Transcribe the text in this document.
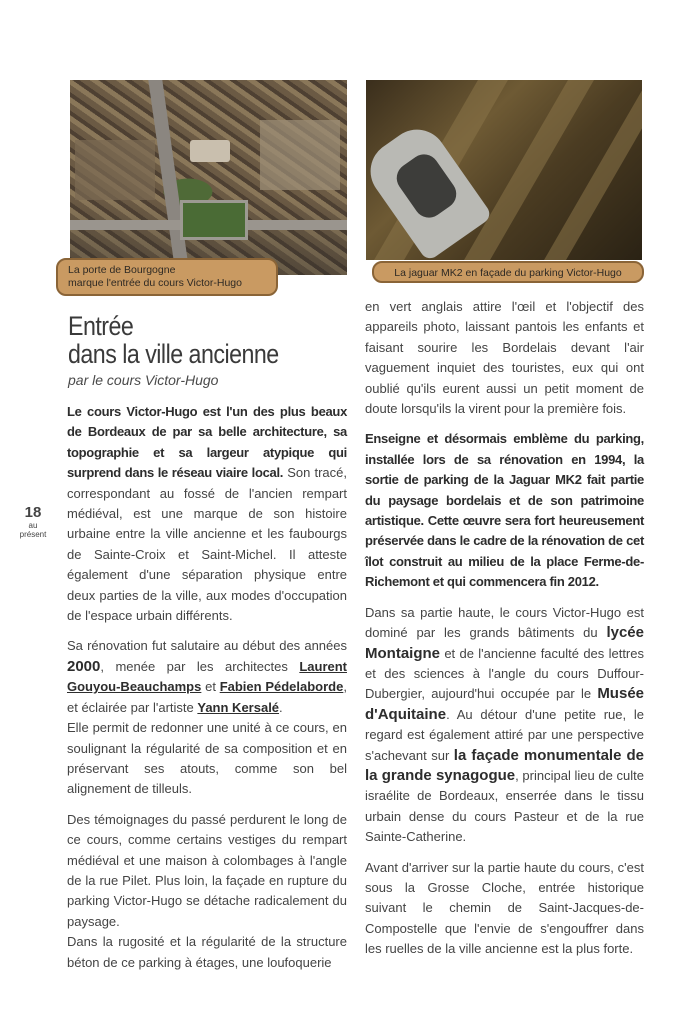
La porte de Bourgogne
marque l'entrée du cours Victor-Hugo
La jaguar MK2 en façade du parking Victor-Hugo
Entrée
dans la ville ancienne
par le cours Victor-Hugo
18
au
présent

Le cours Victor-Hugo est l'un des plus beaux de Bordeaux de par sa belle architecture, sa topographie et sa largeur atypique qui surprend dans le réseau viaire local. Son tracé, correspondant au fossé de l'ancien rempart médiéval, est une marque de son histoire urbaine entre la ville ancienne et les faubourgs de Sainte-Croix et Saint-Michel. Il atteste également d'une séparation physique entre deux parties de la ville, aux modes d'occupation de l'espace urbain différents.

Sa rénovation fut salutaire au début des années 2000, menée par les architectes Laurent Gouyou-Beauchamps et Fabien Pédelaborde, et éclairée par l'artiste Yann Kersalé.

Elle permit de redonner une unité à ce cours, en soulignant la régularité de sa composition et en préservant ses atouts, comme son bel alignement de tilleuls.

Des témoignages du passé perdurent le long de ce cours, comme certains vestiges du rempart médiéval et une maison à colombages à l'angle de la rue Pilet. Plus loin, la façade en rupture du parking Victor-Hugo se détache radicalement du paysage.

Dans la rugosité et la régularité de la structure béton de ce parking à étages, une loufoquerie

en vert anglais attire l'œil et l'objectif des appareils photo, laissant pantois les enfants et faisant sourire les Bordelais devant l'air vaguement inquiet des touristes, eux qui ont oublié qu'ils eurent aussi un petit moment de doute lorsqu'ils la virent pour la première fois.

Enseigne et désormais emblème du parking, installée lors de sa rénovation en 1994, la sortie de parking de la Jaguar MK2 fait partie du paysage bordelais et de son patrimoine artistique. Cette œuvre sera fort heureusement préservée dans le cadre de la rénovation de cet îlot construit au milieu de la place Ferme-de-Richemont et qui commencera fin 2012.

Dans sa partie haute, le cours Victor-Hugo est dominé par les grands bâtiments du lycée Montaigne et de l'ancienne faculté des lettres et des sciences à l'angle du cours Duffour-Dubergier, aujourd'hui occupée par le Musée d'Aquitaine. Au détour d'une petite rue, le regard est également attiré par une perspective s'achevant sur la façade monumentale de la grande synagogue, principal lieu de culte israélite de Bordeaux, enserrée dans le tissu urbain dense du cours Pasteur et de la rue Sainte-Catherine.

Avant d'arriver sur la partie haute du cours, c'est sous la Grosse Cloche, entrée historique suivant le chemin de Saint-Jacques-de-Compostelle que l'envie de s'engouffrer dans les ruelles de la ville ancienne est la plus forte.
